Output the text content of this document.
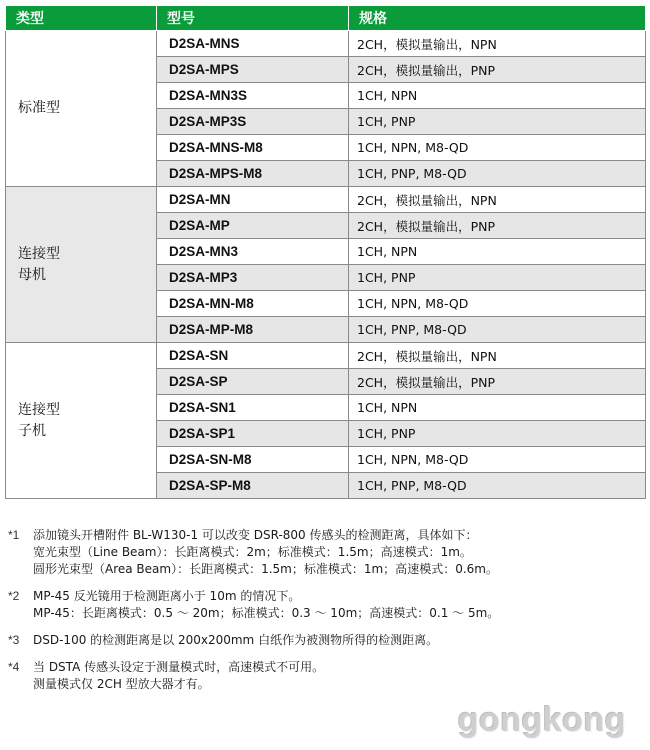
类型	型号	规格

标准型	D2SA-MNS	2CH，模拟量输出，NPN
	D2SA-MPS	2CH，模拟量输出，PNP
	D2SA-MN3S	1CH, NPN
	D2SA-MP3S	1CH, PNP
	D2SA-MNS-M8	1CH, NPN, M8-QD
	D2SA-MPS-M8	1CH, PNP, M8-QD

连接型
母机	D2SA-MN	2CH，模拟量输出，NPN
	D2SA-MP	2CH，模拟量输出，PNP
	D2SA-MN3	1CH, NPN
	D2SA-MP3	1CH, PNP
	D2SA-MN-M8	1CH, NPN, M8-QD
	D2SA-MP-M8	1CH, PNP, M8-QD

连接型
子机	D2SA-SN	2CH，模拟量输出，NPN
	D2SA-SP	2CH，模拟量输出，PNP
	D2SA-SN1	1CH, NPN
	D2SA-SP1	1CH, PNP
	D2SA-SN-M8	1CH, NPN, M8-QD
	D2SA-SP-M8	1CH, PNP, M8-QD
*1 添加镜头开槽附件 BL-W130-1 可以改变 DSR-800 传感头的检测距离，具体如下：
宽光束型（Line Beam）：长距离模式：2m；标准模式：1.5m；高速模式：1m。
圆形光束型（Area Beam）：长距离模式：1.5m；标准模式：1m；高速模式：0.6m。
*2 MP-45 反光镜用于检测距离小于 10m 的情况下。
MP-45：长距离模式：0.5 ～ 20m；标准模式：0.3 ～ 10m；高速模式：0.1 ～ 5m。
*3 DSD-100 的检测距离是以 200x200mm 白纸作为被测物所得的检测距离。
*4 当 DSTA 传感头设定于测量模式时，高速模式不可用。
测量模式仅 2CH 型放大器才有。
gongkong
